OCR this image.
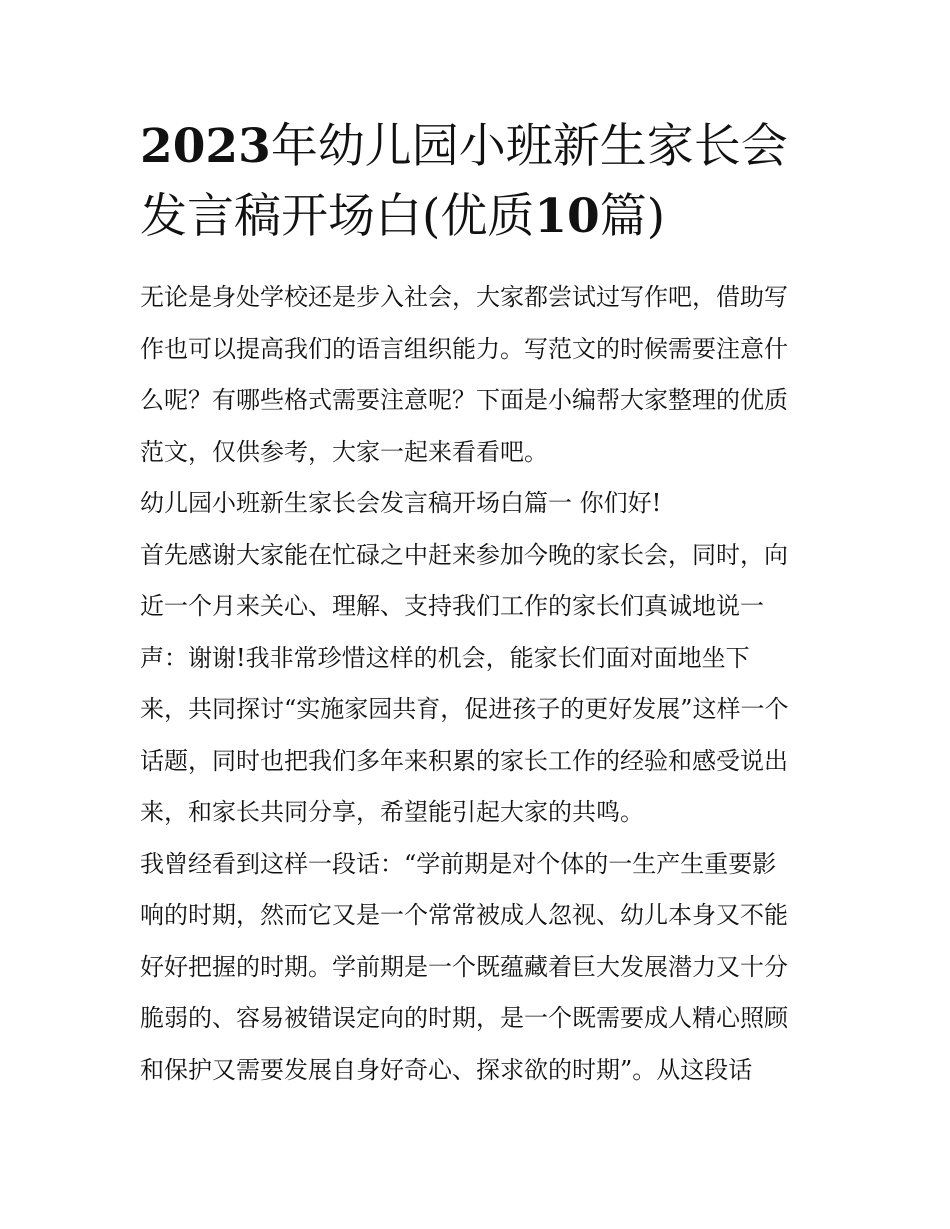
2023年幼儿园小班新生家长会
发言稿开场白(优质10篇)
无论是身处学校还是步入社会，大家都尝试过写作吧，借助写
作也可以提高我们的语言组织能力。写范文的时候需要注意什
么呢？有哪些格式需要注意呢？下面是小编帮大家整理的优质
范文，仅供参考，大家一起来看看吧。
幼儿园小班新生家长会发言稿开场白篇一 你们好!
首先感谢大家能在忙碌之中赶来参加今晚的家长会，同时，向
近一个月来关心、理解、支持我们工作的家长们真诚地说一
声：谢谢!我非常珍惜这样的机会，能家长们面对面地坐下
来，共同探讨“实施家园共育，促进孩子的更好发展”这样一个
话题，同时也把我们多年来积累的家长工作的经验和感受说出
来，和家长共同分享，希望能引起大家的共鸣。
我曾经看到这样一段话：“学前期是对个体的一生产生重要影
响的时期，然而它又是一个常常被成人忽视、幼儿本身又不能
好好把握的时期。学前期是一个既蕴藏着巨大发展潜力又十分
脆弱的、容易被错误定向的时期，是一个既需要成人精心照顾
和保护又需要发展自身好奇心、探求欲的时期”。从这段话
